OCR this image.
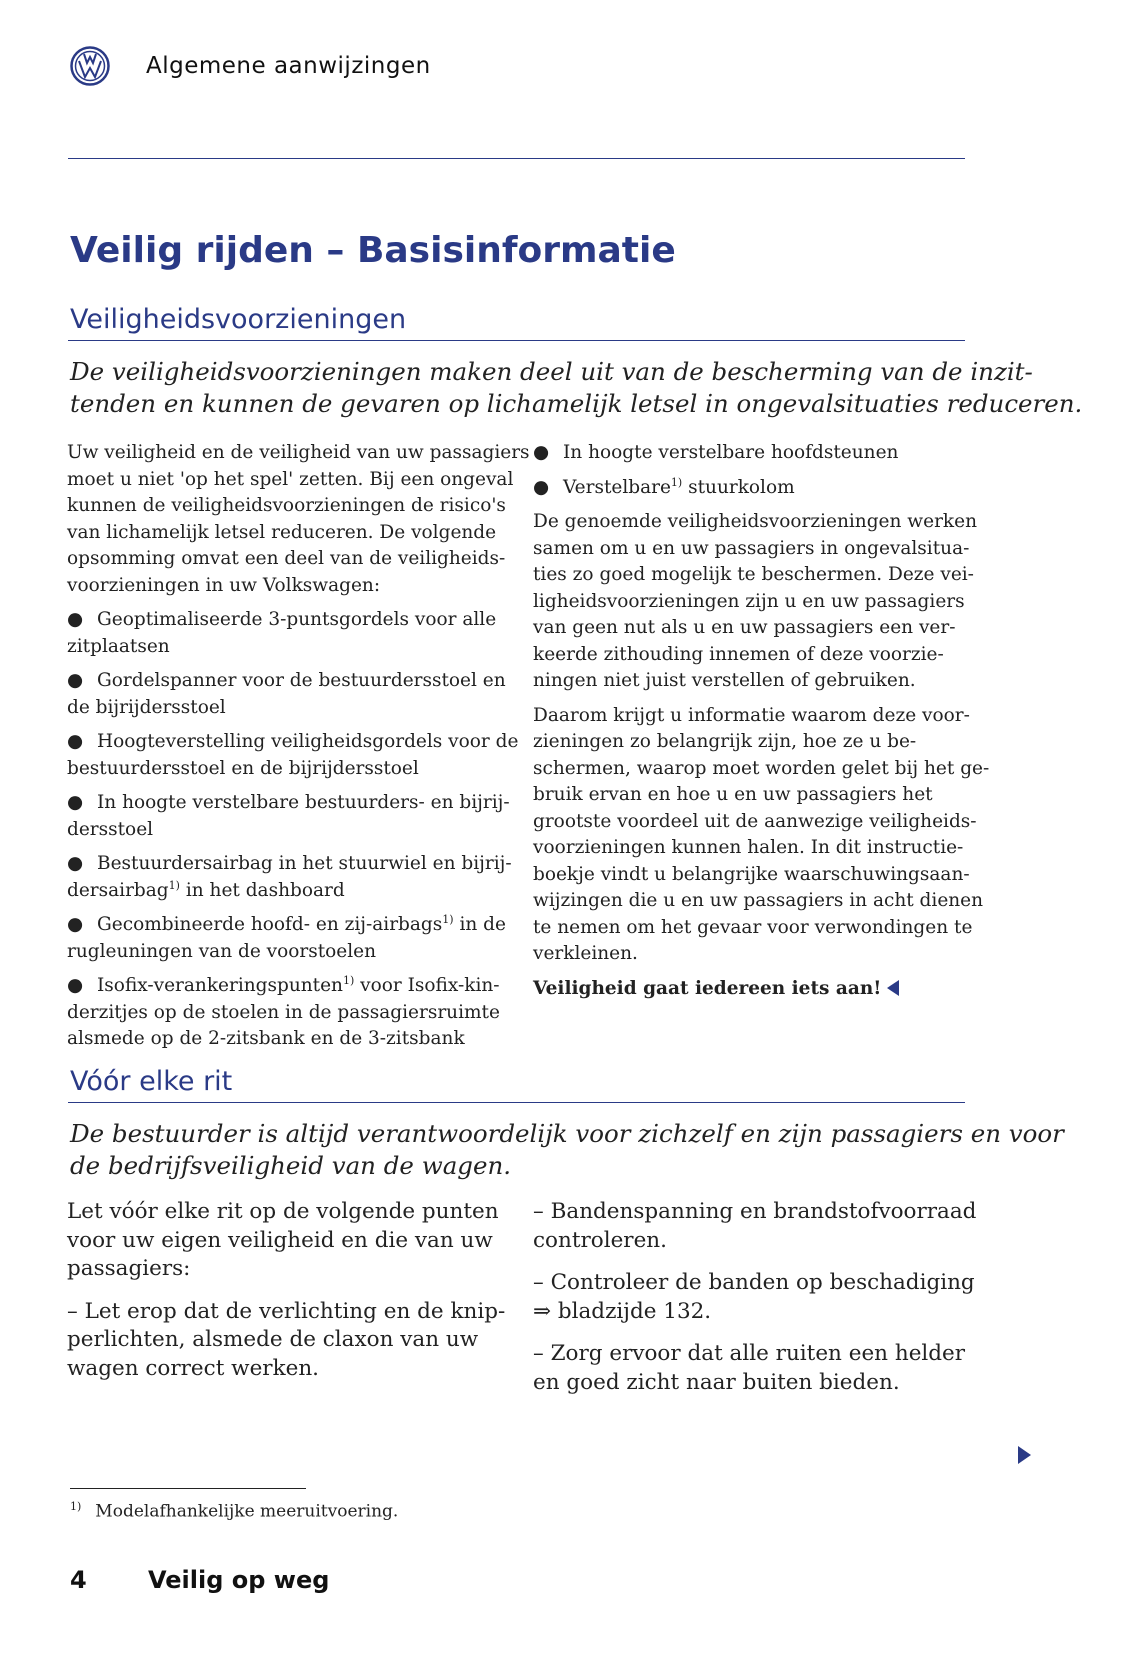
Algemene aanwijzingen
Veilig rijden – Basisinformatie
Veiligheidsvoorzieningen
De veiligheidsvoorzieningen maken deel uit van de bescherming van de inzit-
tenden en kunnen de gevaren op lichamelijk letsel in ongevalsituaties reduceren.
Uw veiligheid en de veiligheid van uw passagiers
moet u niet 'op het spel' zetten. Bij een ongeval
kunnen de veiligheidsvoorzieningen de risico's
van lichamelijk letsel reduceren. De volgende
opsomming omvat een deel van de veiligheids-
voorzieningen in uw Volkswagen:
● Geoptimaliseerde 3-puntsgordels voor alle
zitplaatsen
● Gordelspanner voor de bestuurdersstoel en
de bijrijdersstoel
● Hoogteverstelling veiligheidsgordels voor de
bestuurdersstoel en de bijrijdersstoel
● In hoogte verstelbare bestuurders- en bijrij-
dersstoel
● Bestuurdersairbag in het stuurwiel en bijrij-
dersairbag$^{1)}$ in het dashboard
● Gecombineerde hoofd- en zij-airbags$^{1)}$ in de
rugleuningen van de voorstoelen
● Isofix-verankeringspunten$^{1)}$ voor Isofix-kin-
derzitjes op de stoelen in de passagiersruimte
alsmede op de 2-zitsbank en de 3-zitsbank
● In hoogte verstelbare hoofdsteunen
● Verstelbare$^{1)}$ stuurkolom
De genoemde veiligheidsvoorzieningen werken
samen om u en uw passagiers in ongevalsitua-
ties zo goed mogelijk te beschermen. Deze vei-
ligheidsvoorzieningen zijn u en uw passagiers
van geen nut als u en uw passagiers een ver-
keerde zithouding innemen of deze voorzie-
ningen niet juist verstellen of gebruiken.
Daarom krijgt u informatie waarom deze voor-
zieningen zo belangrijk zijn, hoe ze u be-
schermen, waarop moet worden gelet bij het ge-
bruik ervan en hoe u en uw passagiers het
grootste voordeel uit de aanwezige veiligheids-
voorzieningen kunnen halen. In dit instructie-
boekje vindt u belangrijke waarschuwingsaan-
wijzingen die u en uw passagiers in acht dienen
te nemen om het gevaar voor verwondingen te
verkleinen.
Veiligheid gaat iedereen iets aan!
Vóór elke rit
De bestuurder is altijd verantwoordelijk voor zichzelf en zijn passagiers en voor
de bedrijfsveiligheid van de wagen.
Let vóór elke rit op de volgende punten
voor uw eigen veiligheid en die van uw
passagiers:
– Let erop dat de verlichting en de knip-
perlichten, alsmede de claxon van uw
wagen correct werken.
– Bandenspanning en brandstofvoorraad
controleren.
– Controleer de banden op beschadiging
⇒ bladzijde 132.
– Zorg ervoor dat alle ruiten een helder
en goed zicht naar buiten bieden.
$^{1)}$ Modelafhankelijke meeruitvoering.
4	Veilig op weg
